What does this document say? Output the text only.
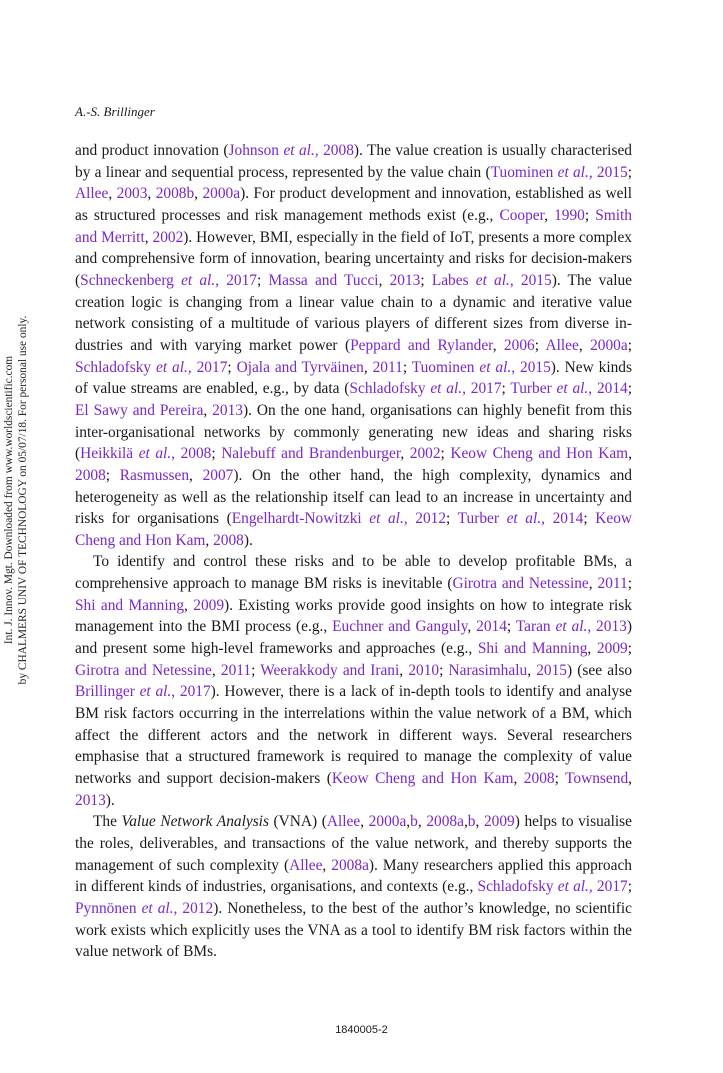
A.-S. Brillinger
Int. J. Innov. Mgt. Downloaded from www.worldscientific.com by CHALMERS UNIV OF TECHNOLOGY on 05/07/18. For personal use only.

and product innovation (Johnson et al., 2008). The value creation is usually characterised by a linear and sequential process, represented by the value chain (Tuominen et al., 2015; Allee, 2003, 2008b, 2000a). For product development and innovation, established as well as structured processes and risk management methods exist (e.g., Cooper, 1990; Smith and Merritt, 2002). However, BMI, especially in the field of IoT, presents a more complex and comprehensive form of innovation, bearing uncertainty and risks for decision-makers (Schneckenberg et al., 2017; Massa and Tucci, 2013; Labes et al., 2015). The value creation logic is changing from a linear value chain to a dynamic and iterative value network consisting of a multitude of various players of different sizes from diverse industries and with varying market power (Peppard and Rylander, 2006; Allee, 2000a; Schladofsky et al., 2017; Ojala and Tyrväinen, 2011; Tuominen et al., 2015). New kinds of value streams are enabled, e.g., by data (Schladofsky et al., 2017; Turber et al., 2014; El Sawy and Pereira, 2013). On the one hand, organisations can highly benefit from this inter-organisational networks by commonly generating new ideas and sharing risks (Heikkilä et al., 2008; Nalebuff and Brandenburger, 2002; Keow Cheng and Hon Kam, 2008; Rasmussen, 2007). On the other hand, the high complexity, dynamics and heterogeneity as well as the relationship itself can lead to an increase in uncertainty and risks for organisations (Engelhardt-Nowitzki et al., 2012; Turber et al., 2014; Keow Cheng and Hon Kam, 2008).

To identify and control these risks and to be able to develop profitable BMs, a comprehensive approach to manage BM risks is inevitable (Girotra and Netessine, 2011; Shi and Manning, 2009). Existing works provide good insights on how to integrate risk management into the BMI process (e.g., Euchner and Ganguly, 2014; Taran et al., 2013) and present some high-level frameworks and approaches (e.g., Shi and Manning, 2009; Girotra and Netessine, 2011; Weerakkody and Irani, 2010; Narasimhalu, 2015) (see also Brillinger et al., 2017). However, there is a lack of in-depth tools to identify and analyse BM risk factors occurring in the interrelations within the value network of a BM, which affect the different actors and the network in different ways. Several researchers emphasise that a structured framework is required to manage the complexity of value networks and support decision-makers (Keow Cheng and Hon Kam, 2008; Townsend, 2013).

The Value Network Analysis (VNA) (Allee, 2000a,b, 2008a,b, 2009) helps to visualise the roles, deliverables, and transactions of the value network, and thereby supports the management of such complexity (Allee, 2008a). Many researchers applied this approach in different kinds of industries, organisations, and contexts (e.g., Schladofsky et al., 2017; Pynnönen et al., 2012). Nonetheless, to the best of the author’s knowledge, no scientific work exists which explicitly uses the VNA as a tool to identify BM risk factors within the value network of BMs.

1840005-2
